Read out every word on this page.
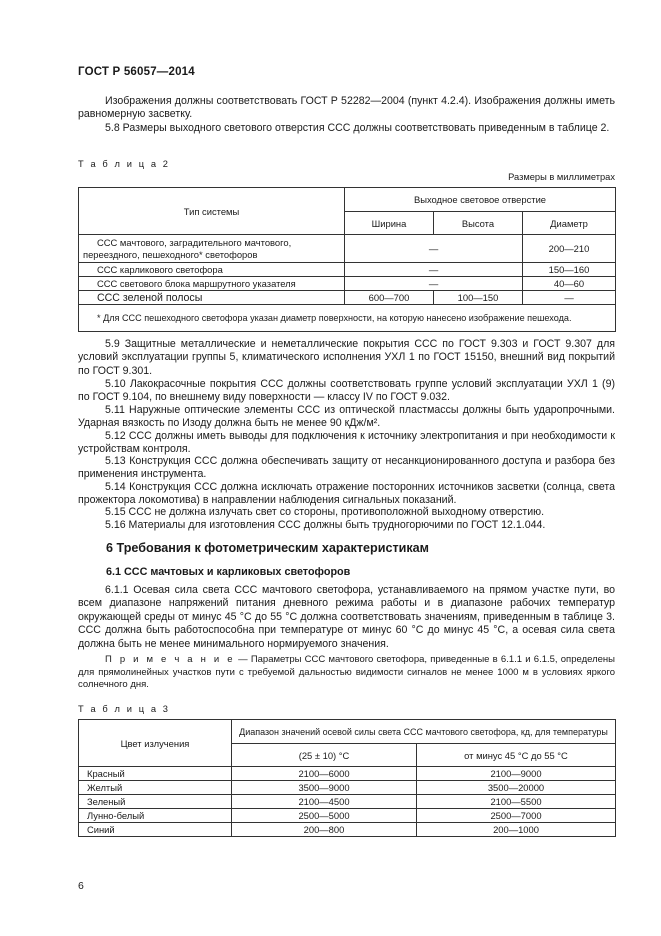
ГОСТ Р 56057—2014

Изображения должны соответствовать ГОСТ Р 52282—2004 (пункт 4.2.4). Изображения должны иметь равномерную засветку.

5.8 Размеры выходного светового отверстия ССС должны соответствовать приведенным в таблице 2.

Т а б л и ц а 2
Размеры в миллиметрах
Тип системы	Выходное световое отверстие		
	Ширина	Высота	Диаметр
ССС мачтового, заградительного мачтового, переездного, пешеходного* светофоров	—		200—210
ССС карликового светофора	—		150—160
ССС светового блока маршрутного указателя	—		40—60
ССС зеленой полосы	600—700	100—150	—
* Для ССС пешеходного светофора указан диаметр поверхности, на которую нанесено изображение пешехода.			

5.9 Защитные металлические и неметаллические покрытия ССС по ГОСТ 9.303 и ГОСТ 9.307 для условий эксплуатации группы 5, климатического исполнения УХЛ 1 по ГОСТ 15150, внешний вид покрытий по ГОСТ 9.301.

5.10 Лакокрасочные покрытия ССС должны соответствовать группе условий эксплуатации УХЛ 1 (9) по ГОСТ 9.104, по внешнему виду поверхности — классу IV по ГОСТ 9.032.

5.11 Наружные оптические элементы ССС из оптической пластмассы должны быть ударопрочными. Ударная вязкость по Изоду должна быть не менее 90 кДж/м².

5.12 ССС должны иметь выводы для подключения к источнику электропитания и при необходимости к устройствам контроля.

5.13 Конструкция ССС должна обеспечивать защиту от несанкционированного доступа и разбора без применения инструмента.

5.14 Конструкция ССС должна исключать отражение посторонних источников засветки (солнца, света прожектора локомотива) в направлении наблюдения сигнальных показаний.

5.15 ССС не должна излучать свет со стороны, противоположной выходному отверстию.

5.16 Материалы для изготовления ССС должны быть трудногорючими по ГОСТ 12.1.044.

6 Требования к фотометрическим характеристикам
6.1 ССС мачтовых и карликовых светофоров

6.1.1 Осевая сила света ССС мачтового светофора, устанавливаемого на прямом участке пути, во всем диапазоне напряжений питания дневного режима работы и в диапазоне рабочих температур окружающей среды от минус 45 °С до 55 °С должна соответствовать значениям, приведенным в таблице 3. ССС должна быть работоспособна при температуре от минус 60 °С до минус 45 °С, а осевая сила света должна быть не менее минимального нормируемого значения.

П р и м е ч а н и е — Параметры ССС мачтового светофора, приведенные в 6.1.1 и 6.1.5, определены для прямолинейных участков пути с требуемой дальностью видимости сигналов не менее 1000 м в условиях яркого солнечного дня.

Т а б л и ц а 3
Цвет излучения	Диапазон значений осевой силы света ССС мачтового светофора, кд, для температуры	
	(25 ± 10) °С	от минус 45 °С до 55 °С
Красный	2100—6000	2100—9000
Желтый	3500—9000	3500—20000
Зеленый	2100—4500	2100—5500
Лунно-белый	2500—5000	2500—7000
Синий	200—800	200—1000
6
